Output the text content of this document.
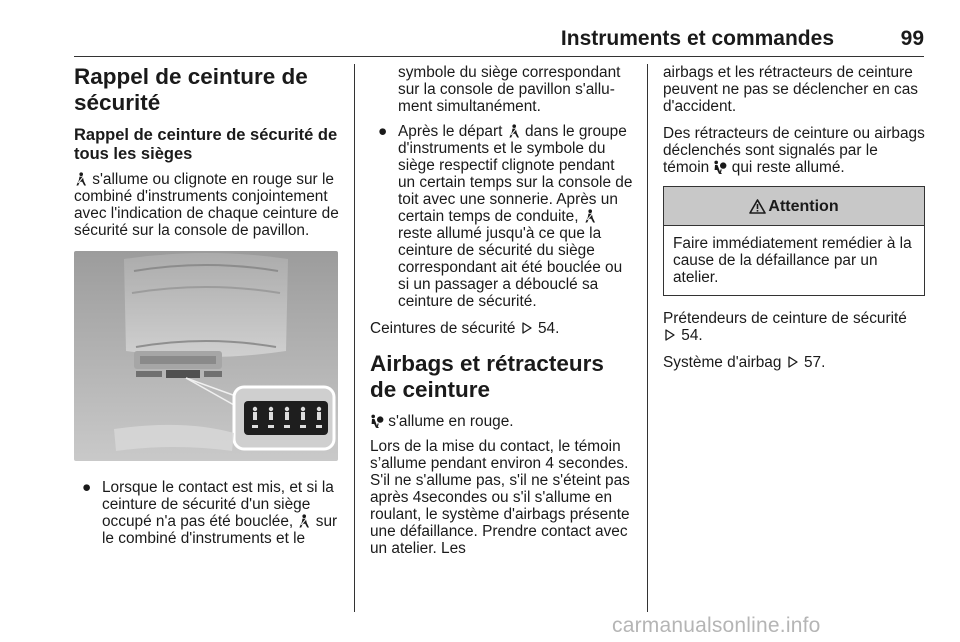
Instruments et commandes	99
Rappel de ceinture de sécurité
Rappel de ceinture de sécurité de tous les sièges

s'allume ou clignote en rouge sur le combiné d'instruments conjointement avec l'indication de chaque ceinture de sécurité sur la console de pavillon.

● Lorsque le contact est mis, et si la ceinture de sécurité d'un siège occupé n'a pas été bouclée, sur le combiné d'instruments et le
symbole du siège correspondant sur la console de pavillon s'allu- ment simultanément.
● Après le départ dans le groupe d'instruments et le symbole du siège respectif clignote pendant un certain temps sur la console de toit avec une sonnerie. Après un certain temps de conduite,  reste allumé jusqu'à ce que la ceinture de sécurité du siège correspondant ait été bouclée ou si un passager a débouclé sa ceinture de sécurité.

Ceintures de sécurité 54.

Airbags et rétracteurs de ceinture

s'allume en rouge.

Lors de la mise du contact, le témoin s’allume pendant environ 4 secondes. S'il ne s'allume pas, s'il ne s'éteint pas après 4secondes ou s'il s'allume en roulant, le système d'airbags présente une défaillance. Prendre contact avec un atelier. Les

airbags et les rétracteurs de ceinture peuvent ne pas se déclencher en cas d'accident.

Des rétracteurs de ceinture ou airbags déclenchés sont signalés par le témoin qui reste allumé.

Attention
Faire immédiatement remédier à la cause de la défaillance par un atelier.

Prétendeurs de ceinture de sécurité  54.

Système d'airbag 57.

carmanualsonline.info
